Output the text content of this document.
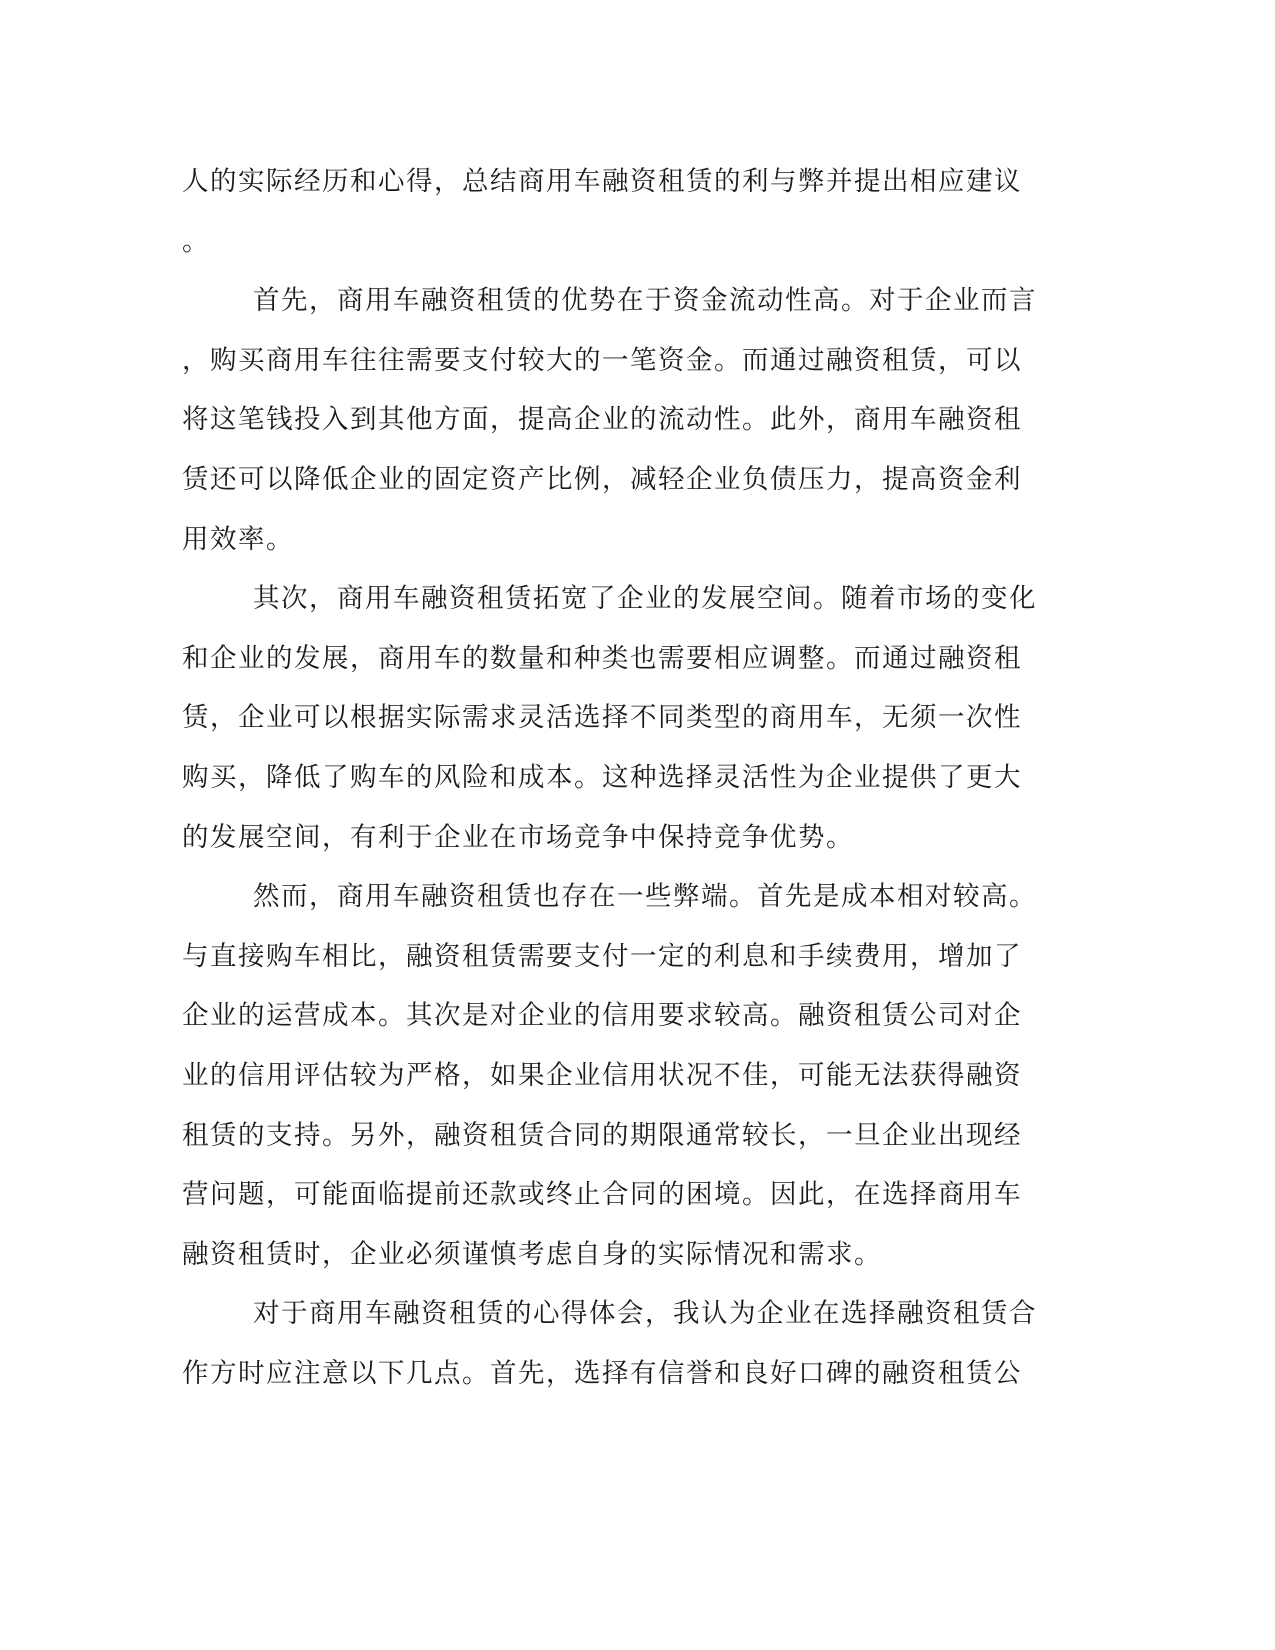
人的实际经历和心得，总结商用车融资租赁的利与弊并提出相应建议
。
首先，商用车融资租赁的优势在于资金流动性高。对于企业而言
，购买商用车往往需要支付较大的一笔资金。而通过融资租赁，可以
将这笔钱投入到其他方面，提高企业的流动性。此外，商用车融资租
赁还可以降低企业的固定资产比例，减轻企业负债压力，提高资金利
用效率。
其次，商用车融资租赁拓宽了企业的发展空间。随着市场的变化
和企业的发展，商用车的数量和种类也需要相应调整。而通过融资租
赁，企业可以根据实际需求灵活选择不同类型的商用车，无须一次性
购买，降低了购车的风险和成本。这种选择灵活性为企业提供了更大
的发展空间，有利于企业在市场竞争中保持竞争优势。
然而，商用车融资租赁也存在一些弊端。首先是成本相对较高。
与直接购车相比，融资租赁需要支付一定的利息和手续费用，增加了
企业的运营成本。其次是对企业的信用要求较高。融资租赁公司对企
业的信用评估较为严格，如果企业信用状况不佳，可能无法获得融资
租赁的支持。另外，融资租赁合同的期限通常较长，一旦企业出现经
营问题，可能面临提前还款或终止合同的困境。因此，在选择商用车
融资租赁时，企业必须谨慎考虑自身的实际情况和需求。
对于商用车融资租赁的心得体会，我认为企业在选择融资租赁合
作方时应注意以下几点。首先，选择有信誉和良好口碑的融资租赁公
